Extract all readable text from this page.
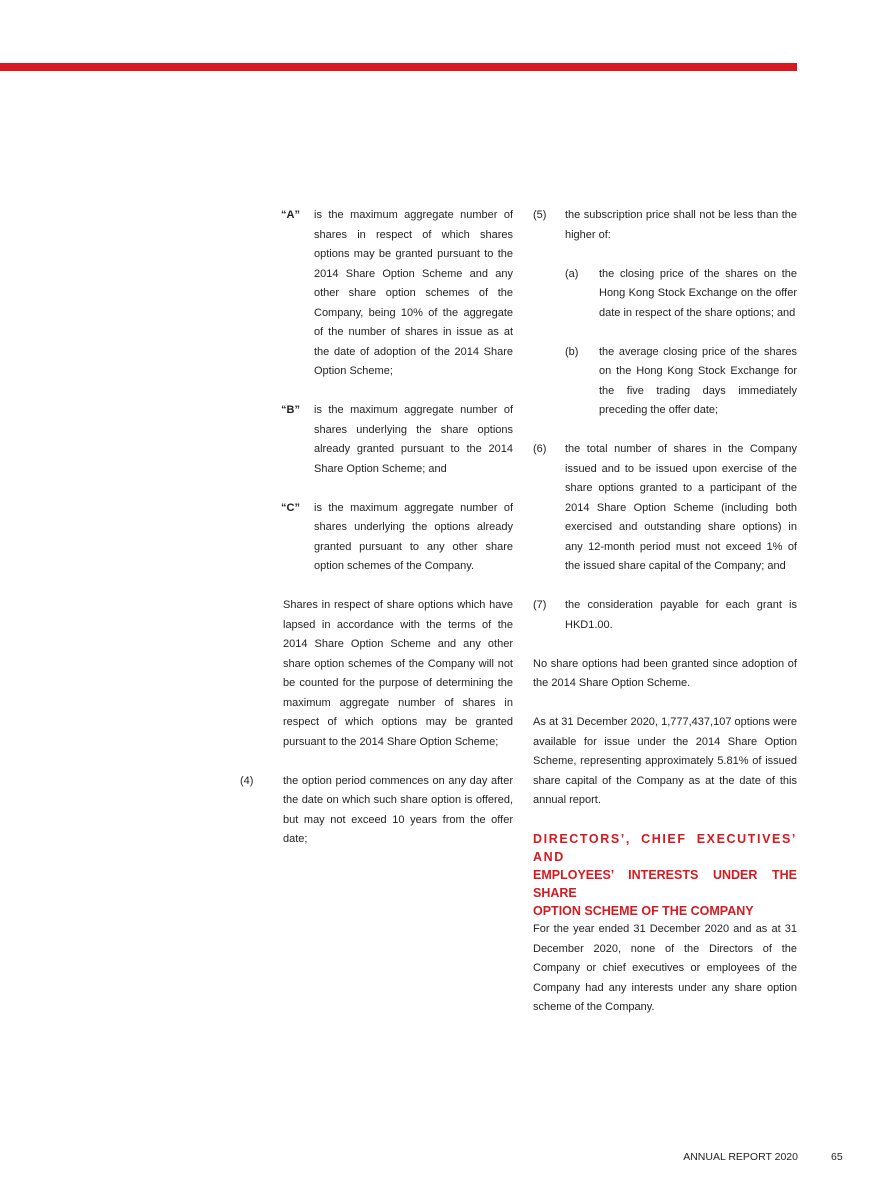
“A” is the maximum aggregate number of shares in respect of which shares options may be granted pursuant to the 2014 Share Option Scheme and any other share option schemes of the Company, being 10% of the aggregate of the number of shares in issue as at the date of adoption of the 2014 Share Option Scheme;
“B” is the maximum aggregate number of shares underlying the share options already granted pursuant to the 2014 Share Option Scheme; and
“C” is the maximum aggregate number of shares underlying the options already granted pursuant to any other share option schemes of the Company.
Shares in respect of share options which have lapsed in accordance with the terms of the 2014 Share Option Scheme and any other share option schemes of the Company will not be counted for the purpose of determining the maximum aggregate number of shares in respect of which options may be granted pursuant to the 2014 Share Option Scheme;
(4)	the option period commences on any day after the date on which such share option is offered, but may not exceed 10 years from the offer date;
(5) the subscription price shall not be less than the higher of:
(a) the closing price of the shares on the Hong Kong Stock Exchange on the offer date in respect of the share options; and
(b) the average closing price of the shares on the Hong Kong Stock Exchange for the five trading days immediately preceding the offer date;
(6) the total number of shares in the Company issued and to be issued upon exercise of the share options granted to a participant of the 2014 Share Option Scheme (including both exercised and outstanding share options) in any 12-month period must not exceed 1% of the issued share capital of the Company; and
(7) the consideration payable for each grant is HKD1.00.
No share options had been granted since adoption of the 2014 Share Option Scheme.
As at 31 December 2020, 1,777,437,107 options were available for issue under the 2014 Share Option Scheme, representing approximately 5.81% of issued share capital of the Company as at the date of this annual report.
DIRECTORS’, CHIEF EXECUTIVES’ AND
EMPLOYEES’ INTERESTS UNDER THE SHARE
OPTION SCHEME OF THE COMPANY
For the year ended 31 December 2020 and as at 31 December 2020, none of the Directors of the Company or chief executives or employees of the Company had any interests under any share option scheme of the Company.
ANNUAL REPORT 2020	65
